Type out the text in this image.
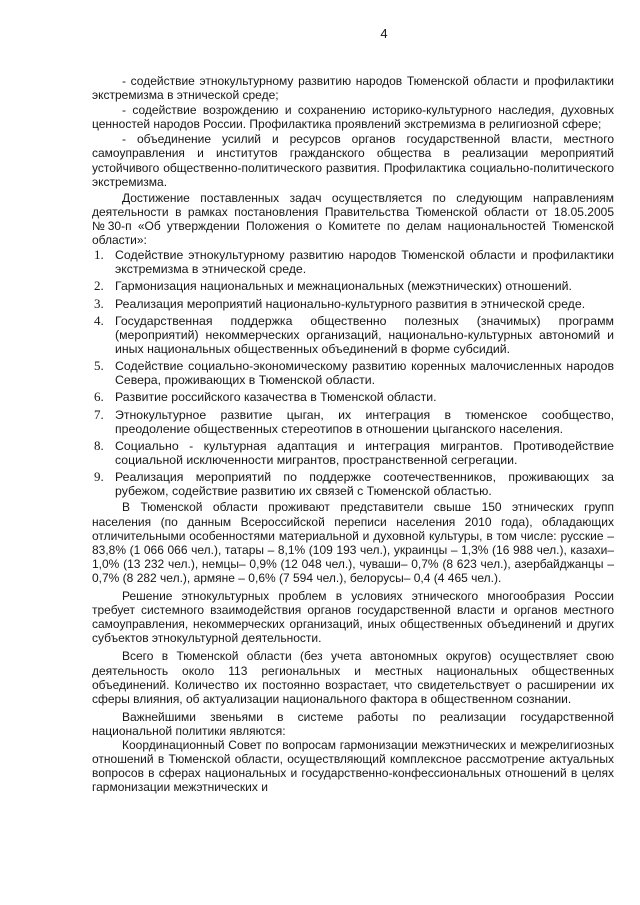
4

- содействие этнокультурному развитию народов Тюменской области и профилактики экстремизма в этнической среде;

- содействие возрождению и сохранению историко-культурного наследия, духовных ценностей народов России. Профилактика проявлений экстремизма в религиозной сфере;

- объединение усилий и ресурсов органов государственной власти, местного самоуправления и институтов гражданского общества в реализации мероприятий устойчивого общественно-политического развития. Профилактика социально-политического экстремизма.

Достижение поставленных задач осуществляется по следующим направлениям деятельности в рамках постановления Правительства Тюменской области от 18.05.2005 №30-п «Об утверждении Положения о Комитете по делам национальностей Тюменской области»:

1. Содействие этнокультурному развитию народов Тюменской области и профилактики экстремизма в этнической среде.
2. Гармонизация национальных и межнациональных (межэтнических) отношений.
3. Реализация мероприятий национально-культурного развития в этнической среде.
4. Государственная поддержка общественно полезных (значимых) программ (мероприятий) некоммерческих организаций, национально-культурных автономий и иных национальных общественных объединений в форме субсидий.
5. Содействие социально-экономическому развитию коренных малочисленных народов Севера, проживающих в Тюменской области.
6. Развитие российского казачества в Тюменской области.
7. Этнокультурное развитие цыган, их интеграция в тюменское сообщество, преодоление общественных стереотипов в отношении цыганского населения.
8. Социально - культурная адаптация и интеграция мигрантов. Противодействие социальной исключенности мигрантов, пространственной сегрегации.
9. Реализация мероприятий по поддержке соотечественников, проживающих за рубежом, содействие развитию их связей с Тюменской областью.

В Тюменской области проживают представители свыше 150 этнических групп населения (по данным Всероссийской переписи населения 2010 года), обладающих отличительными особенностями материальной и духовной культуры, в том числе: русские – 83,8% (1 066 066 чел.), татары – 8,1% (109 193 чел.), украинцы – 1,3% (16 988 чел.), казахи– 1,0% (13 232 чел.), немцы– 0,9% (12 048 чел.), чуваши– 0,7% (8 623 чел.), азербайджанцы – 0,7% (8 282 чел.), армяне – 0,6% (7 594 чел.), белорусы– 0,4 (4 465 чел.).

Решение этнокультурных проблем в условиях этнического многообразия России требует системного взаимодействия органов государственной власти и органов местного самоуправления, некоммерческих организаций, иных общественных объединений и других субъектов этнокультурной деятельности.

Всего в Тюменской области (без учета автономных округов) осуществляет свою деятельность около 113 региональных и местных национальных общественных объединений. Количество их постоянно возрастает, что свидетельствует о расширении их сферы влияния, об актуализации национального фактора в общественном сознании.

Важнейшими звеньями в системе работы по реализации государственной национальной политики являются:

Координационный Совет по вопросам гармонизации межэтнических и межрелигиозных отношений в Тюменской области, осуществляющий комплексное рассмотрение актуальных вопросов в сферах национальных и государственно-конфессиональных отношений в целях гармонизации межэтнических и
